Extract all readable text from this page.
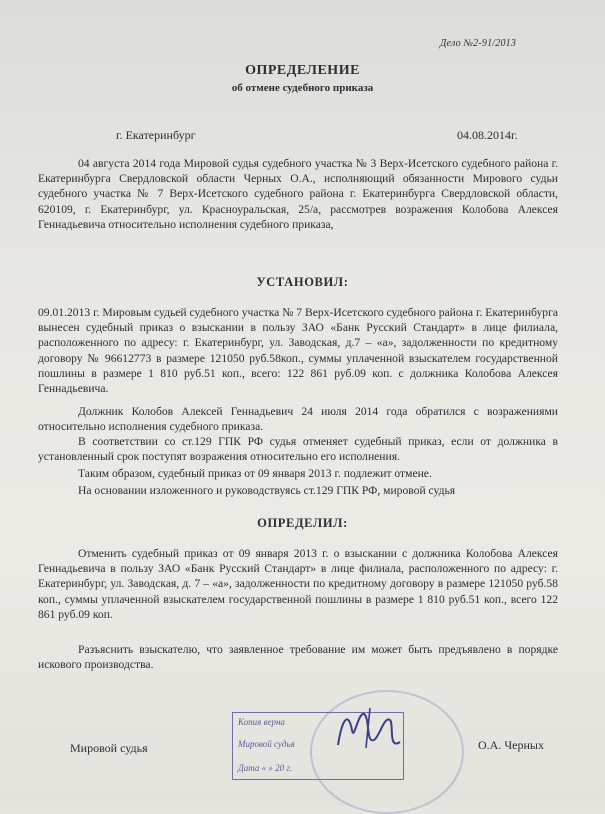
Дело №2-91/2013
ОПРЕДЕЛЕНИЕ
об отмене судебного приказа
г. Екатеринбург	04.08.2014г.

04 августа 2014 года Мировой судья судебного участка № 3 Верх-Исетского судебного района г. Екатеринбурга Свердловской области Черных О.А., исполняющий обязанности Мирового судьи судебного участка № 7 Верх-Исетского судебного района г. Екатеринбурга Свердловской области, 620109, г. Екатеринбург, ул. Красноуральская, 25/а, рассмотрев возражения Колобова Алексея Геннадьевича относительно исполнения судебного приказа,

УСТАНОВИЛ:

09.01.2013 г. Мировым судьей судебного участка № 7 Верх-Исетского судебного района г. Екатеринбурга вынесен судебный приказ о взыскании в пользу ЗАО «Банк Русский Стандарт» в лице филиала, расположенного по адресу: г. Екатеринбург, ул. Заводская, д.7 – «а», задолженности по кредитному договору № 96612773 в размере 121050 руб.58коп., суммы уплаченной взыскателем государственной пошлины в размере 1 810 руб.51 коп., всего: 122 861 руб.09 коп. с должника Колобова Алексея Геннадьевича.

Должник Колобов Алексей Геннадьевич 24 июля 2014 года обратился с возражениями относительно исполнения судебного приказа.

В соответствии со ст.129 ГПК РФ судья отменяет судебный приказ, если от должника в установленный срок поступят возражения относительно его исполнения.

Таким образом, судебный приказ от 09 января 2013 г. подлежит отмене.

На основании изложенного и руководствуясь ст.129 ГПК РФ, мировой судья

ОПРЕДЕЛИЛ:

Отменить судебный приказ от 09 января 2013 г. о взыскании с должника Колобова Алексея Геннадьевича в пользу ЗАО «Банк Русский Стандарт» в лице филиала, расположенного по адресу: г. Екатеринбург, ул. Заводская, д. 7 – «а», задолженности по кредитному договору в размере 121050 руб.58 коп., суммы уплаченной взыскателем государственной пошлины в размере 1 810 руб.51 коп., всего 122 861 руб.09 коп.

Разъяснить взыскателю, что заявленное требование им может быть предъявлено в порядке искового производства.

Копия верна
Мировой судья
Дата « » 20 г.
Мировой судья	О.А. Черных
